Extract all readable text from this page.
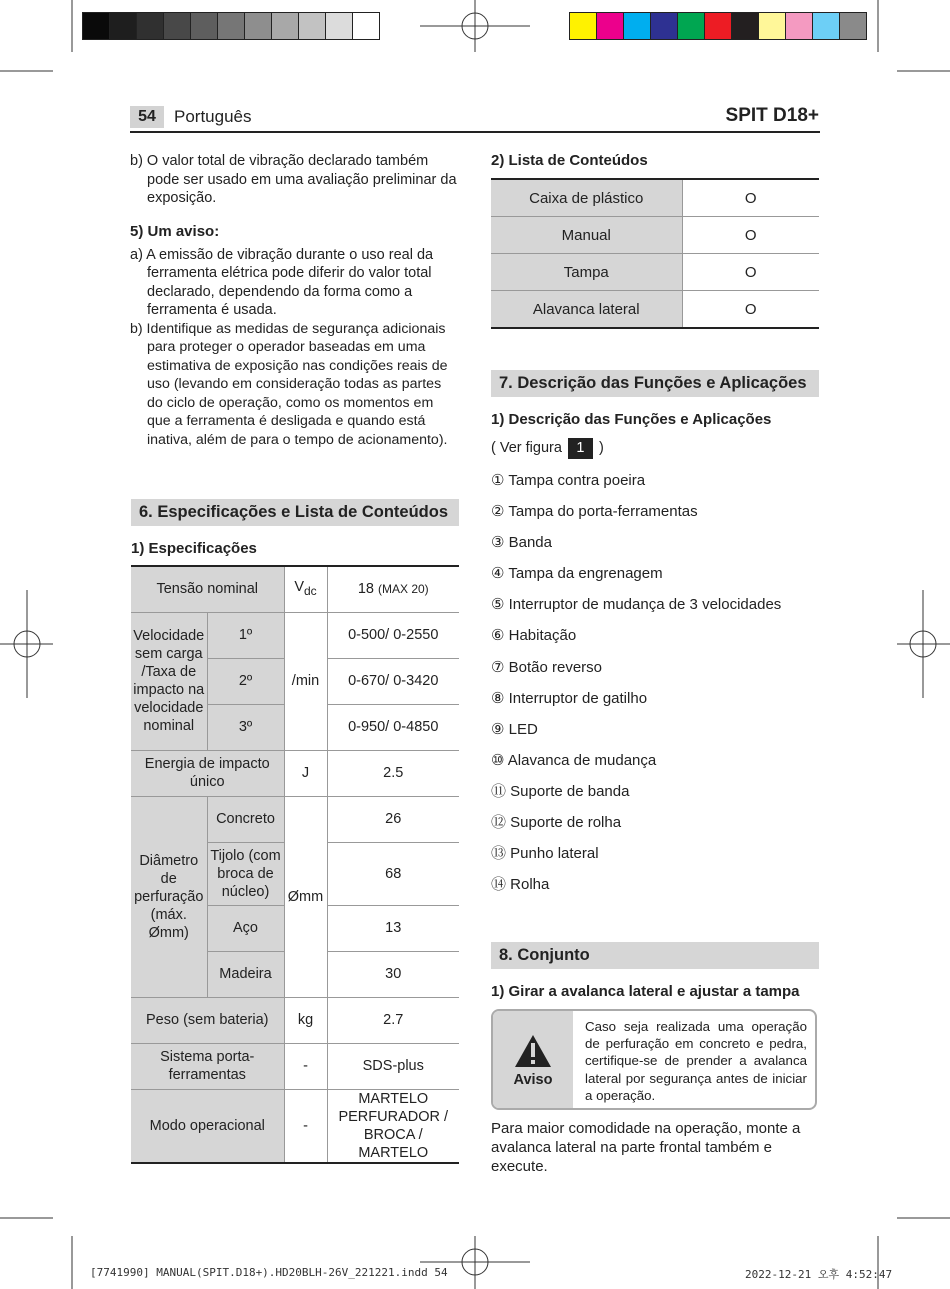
54	Português	SPIT D18+

b) O valor total de vibração declarado também pode ser usado em uma avaliação preliminar da exposição.

5) Um aviso:

a) A emissão de vibração durante o uso real da ferramenta elétrica pode diferir do valor total declarado, dependendo da forma como a ferramenta é usada.

b) Identifique as medidas de segurança adicionais para proteger o operador baseadas em uma estimativa de exposição nas condições reais de uso (levando em consideração todas as partes do ciclo de operação, como os momentos em que a ferramenta é desligada e quando está inativa, além de para o tempo de acionamento).

6. Especificações e Lista de Conteúdos
1) Especificações
Tensão nominal		$V_{dc}$	18 (MAX 20)
Velocidade sem carga /Taxa de impacto na velocidade nominal	1º	/min	0-500/ 0-2550
	2º		0-670/ 0-3420
	3º		0-950/ 0-4850
Energia de impacto único		J	2.5
Diâmetro de perfuração (máx. Ømm)	Concreto	Ømm	26
	Tijolo (com broca de núcleo)		68
	Aço		13
	Madeira		30
Peso (sem bateria)		kg	2.7
Sistema porta-ferramentas		-	SDS-plus
Modo operacional		-	MARTELO PERFURADOR / BROCA / MARTELO
2) Lista de Conteúdos
Caixa de plástico	O
Manual	O
Tampa	O
Alavanca lateral	O
7. Descrição das Funções e Aplicações
1) Descrição das Funções e Aplicações
( Ver figura 1 )
① Tampa contra poeira
② Tampa do porta-ferramentas
③ Banda
④ Tampa da engrenagem
⑤ Interruptor de mudança de 3 velocidades
⑥ Habitação
⑦ Botão reverso
⑧ Interruptor de gatilho
⑨ LED
⑩ Alavanca de mudança
⑪ Suporte de banda
⑫ Suporte de rolha
⑬ Punho lateral
⑭ Rolha
8. Conjunto
1) Girar a avalanca lateral e ajustar a tampa
Aviso
Caso seja realizada uma operação de perfuração em concreto e pedra, certifique-se de prender a avalanca lateral por segurança antes de iniciar a operação.
Para maior comodidade na operação, monte a avalanca lateral na parte frontal também e execute.
[7741990] MANUAL(SPIT.D18+).HD20BLH-26V_221221.indd 54	2022-12-21 오후 4:52:47
